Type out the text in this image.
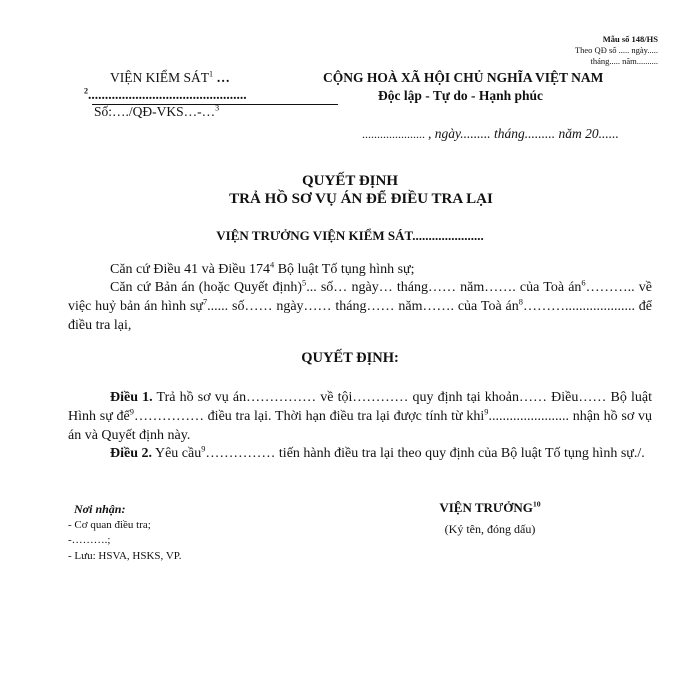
Mẫu số 148/HS
Theo QĐ số ..... ngày.....
tháng..... năm..........
VIỆN KIỂM SÁT$^1$ …
$^2$...............................................
Số:…./QĐ-VKS…-…$^3$
CỘNG HOÀ XÃ HỘI CHỦ NGHĨA VIỆT NAM
Độc lập - Tự do - Hạnh phúc
..................... , ngày......... tháng......... năm 20......
QUYẾT ĐỊNH
TRẢ HỒ SƠ VỤ ÁN ĐỂ ĐIỀU TRA LẠI
VIỆN TRƯỞNG VIỆN KIỂM SÁT......................
Căn cứ Điều 41 và Điều $174^4$ Bộ luật Tố tụng hình sự;
Căn cứ Bản án (hoặc Quyết định)$^5$... số… ngày… tháng…… năm……. của Toà $án^6\dots\dots\dots$.. về việc huỷ bản án hình sự$^7$...... số…… ngày…… tháng…… năm……. của Toà $án^8\dots\dots\dots$.................... để điều tra lại,
QUYẾT ĐỊNH:
Điều 1. Trả hồ sơ vụ án…………… về tội………… quy định tại khoản…… Điều…… Bộ luật Hình sự để$^9$…………… điều tra lại. Thời hạn điều tra lại được tính từ khi$^9$....................... nhận hồ sơ vụ án và Quyết định này.
Điều 2. Yêu cầu$^9$…………… tiến hành điều tra lại theo quy định của Bộ luật Tố tụng hình sự./.
Nơi nhận:
- Cơ quan điều tra;
-……….;
- Lưu: HSVA, HSKS, VP.
VIỆN TRƯỞNG$^{10}$
(Ký tên, đóng dấu)
